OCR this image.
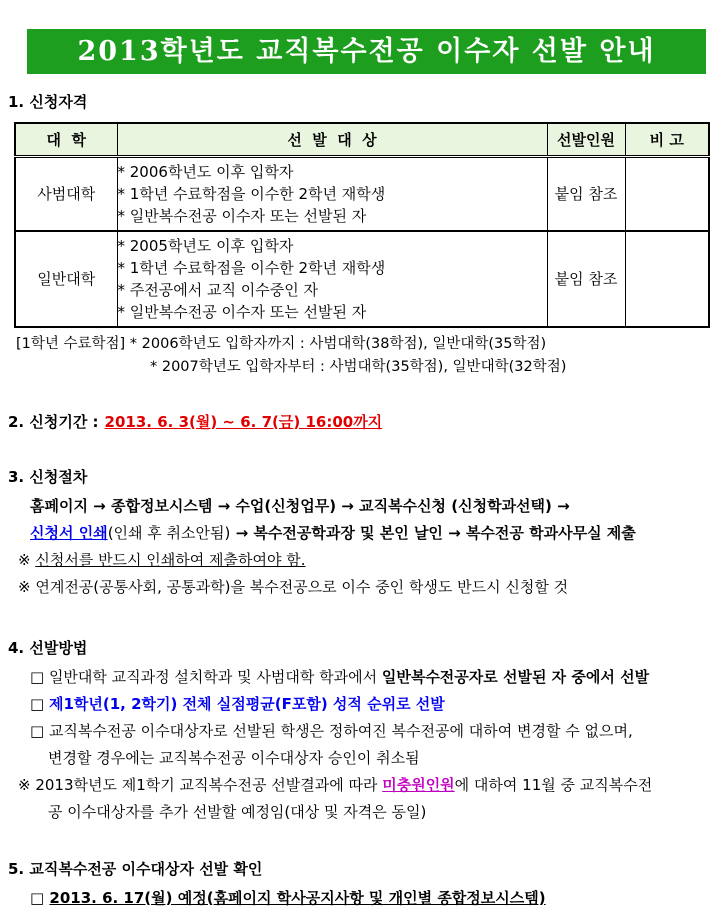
2013학년도 교직복수전공 이수자 선발 안내
1. 신청자격
대  학	선  발  대  상	선발인원	비 고
사범대학	* 2006학년도 이후 입학자
* 1학년 수료학점을 이수한 2학년 재학생
* 일반복수전공 이수자 또는 선발된 자	붙임 참조	
일반대학	* 2005학년도 이후 입학자
* 1학년 수료학점을 이수한 2학년 재학생
* 주전공에서 교직 이수중인 자
* 일반복수전공 이수자 또는 선발된 자	붙임 참조	
[1학년 수료학점] * 2006학년도 입학자까지 : 사범대학(38학점), 일반대학(35학점)
* 2007학년도 입학자부터 : 사범대학(35학점), 일반대학(32학점)
2. 신청기간 : 2013. 6. 3(월) ~ 6. 7(금) 16:00까지
3. 신청절차
홈페이지 → 종합정보시스템 → 수업(신청업무) → 교직복수신청 (신청학과선택) →
신청서 인쇄(인쇄 후 취소안됨) → 복수전공학과장 및 본인 날인 → 복수전공 학과사무실 제출
※ 신청서를 반드시 인쇄하여 제출하여야 함.
※ 연계전공(공통사회, 공통과학)을 복수전공으로 이수 중인 학생도 반드시 신청할 것
4. 선발방법
□ 일반대학 교직과정 설치학과 및 사범대학 학과에서 일반복수전공자로 선발된 자 중에서 선발
□ 제1학년(1, 2학기) 전체 실점평균(F포함) 성적 순위로 선발
□ 교직복수전공 이수대상자로 선발된 학생은 정하여진 복수전공에 대하여 변경할 수 없으며,
변경할 경우에는 교직복수전공 이수대상자 승인이 취소됨
※ 2013학년도 제1학기 교직복수전공 선발결과에 따라 미충원인원에 대하여 11월 중 교직복수전
공 이수대상자를 추가 선발할 예정임(대상 및 자격은 동일)
5. 교직복수전공 이수대상자 선발 확인
□ 2013. 6. 17(월) 예정(홈페이지 학사공지사항 및 개인별 종합정보시스템)
